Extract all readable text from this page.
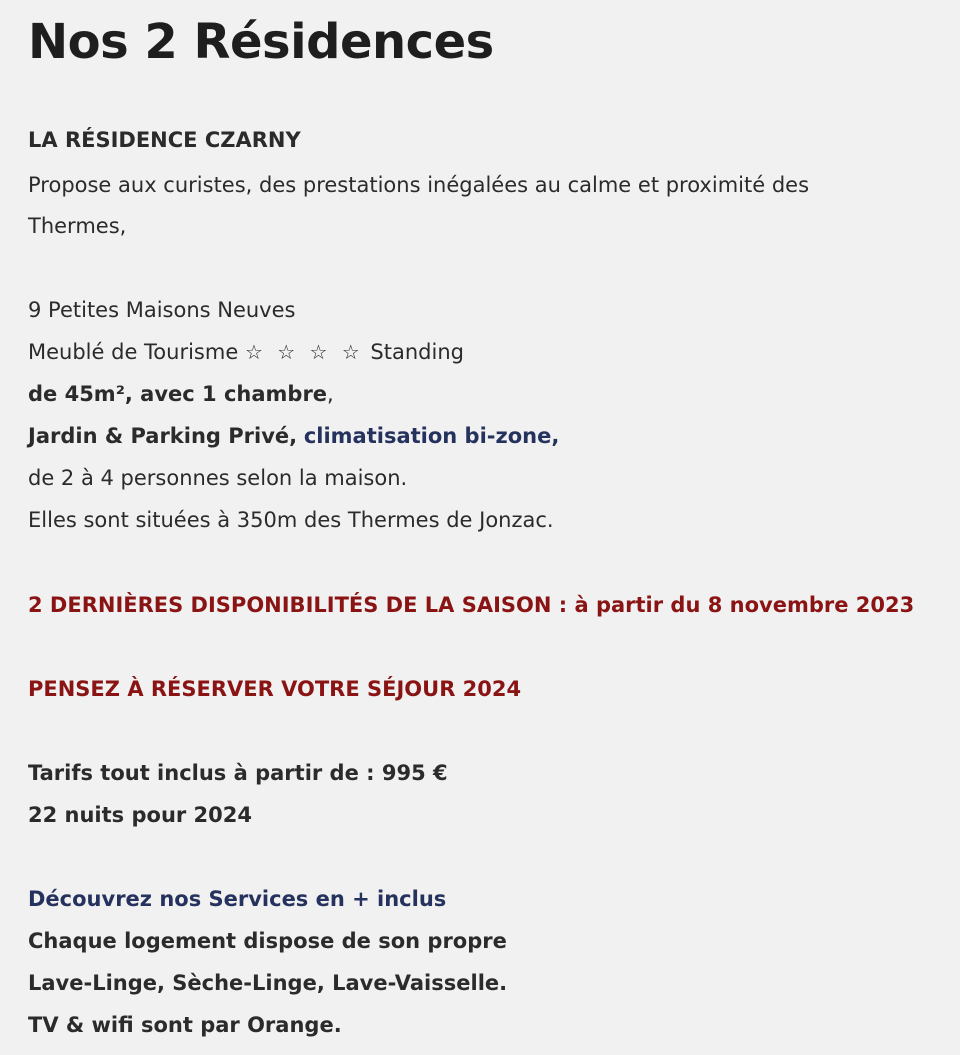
Nos 2 Résidences
LA RÉSIDENCE CZARNY
Propose aux curistes, des prestations inégalées au calme et proximité des
Thermes,
9 Petites Maisons Neuves
Meublé de Tourisme ☆ ☆ ☆ ☆ Standing
de 45m², avec 1 chambre,
Jardin & Parking Privé, climatisation bi-zone,
de 2 à 4 personnes selon la maison.
Elles sont situées à 350m des Thermes de Jonzac.
2 DERNIÈRES DISPONIBILITÉS DE LA SAISON : à partir du 8 novembre 2023
PENSEZ À RÉSERVER VOTRE SÉJOUR 2024
Tarifs tout inclus à partir de : 995 €
22 nuits pour 2024
Découvrez nos Services en + inclus
Chaque logement dispose de son propre
Lave-Linge, Sèche-Linge, Lave-Vaisselle.
TV & wifi sont par Orange.
